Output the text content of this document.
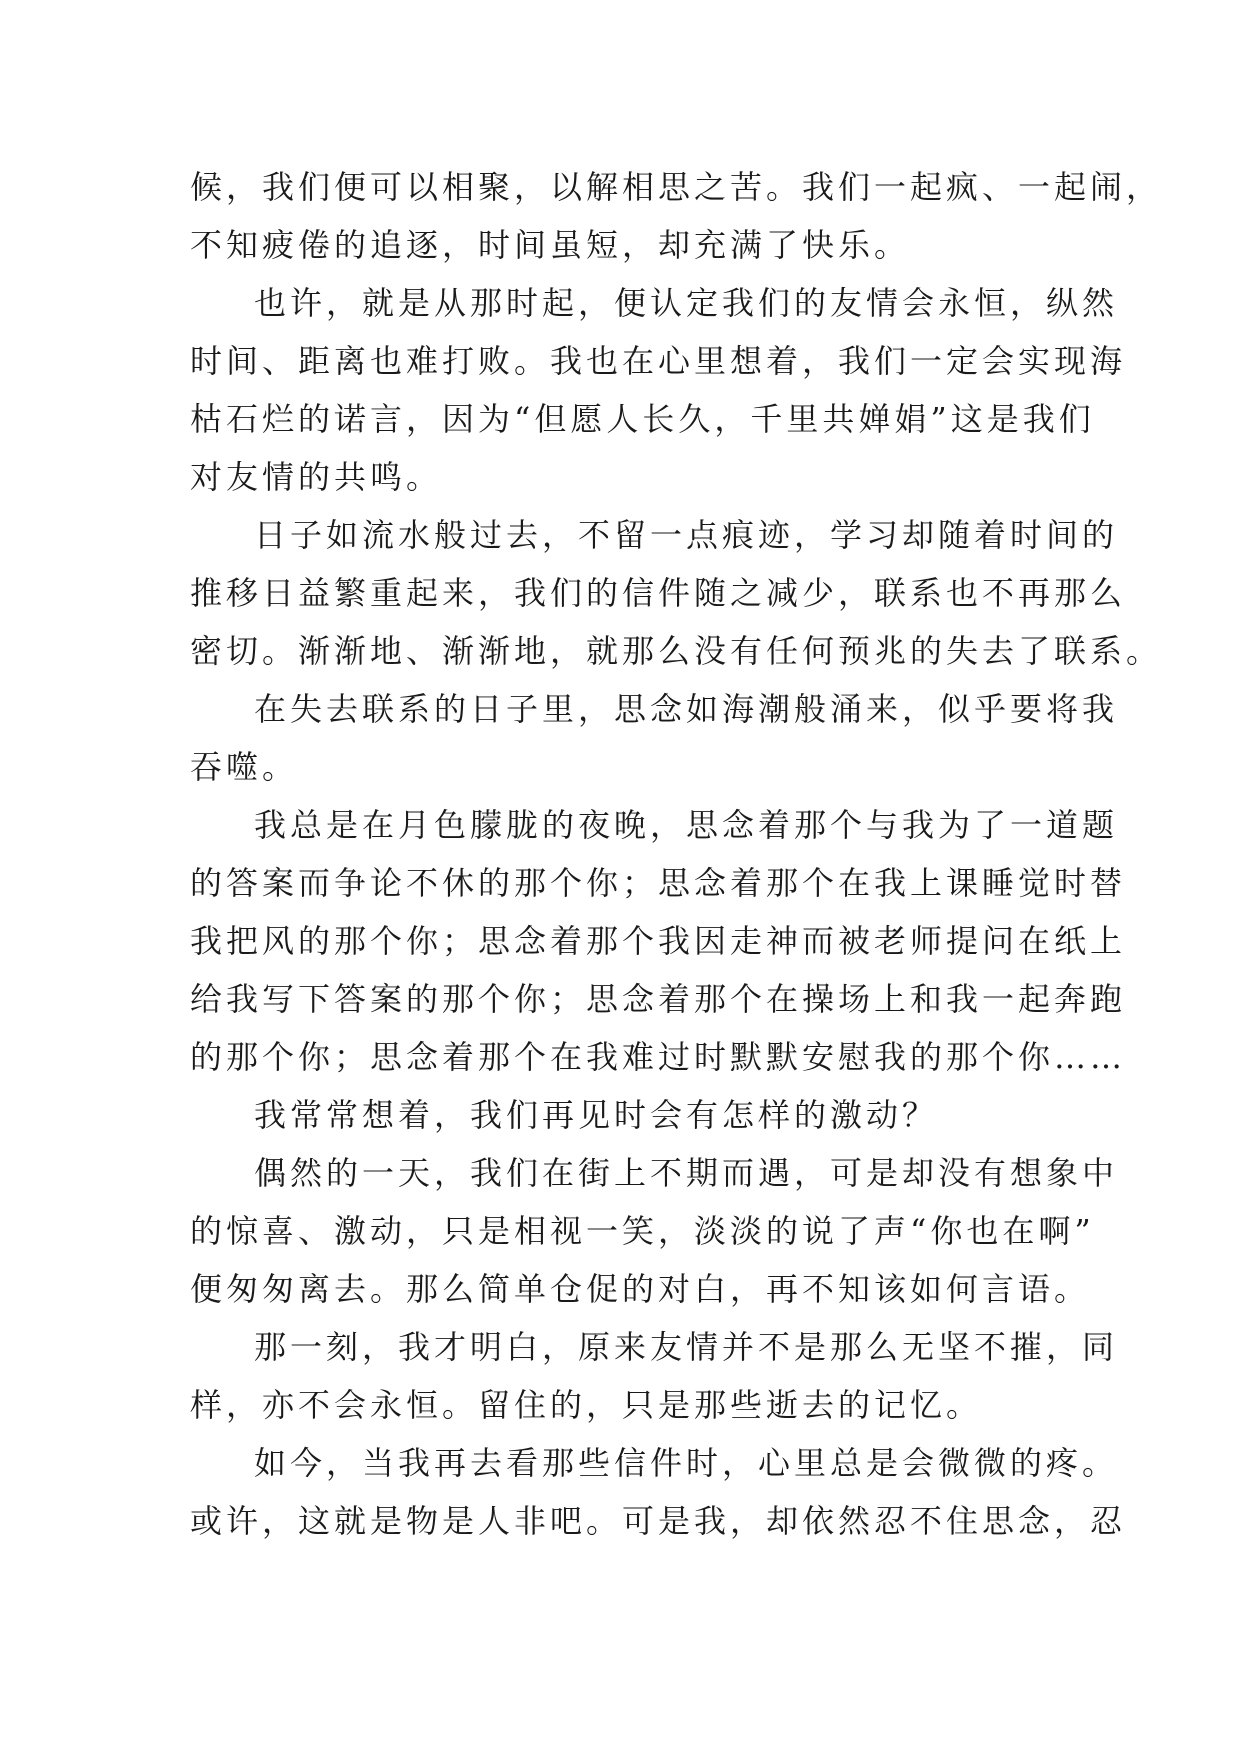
候，我们便可以相聚，以解相思之苦。我们一起疯、一起闹，
不知疲倦的追逐，时间虽短，却充满了快乐。
也许，就是从那时起，便认定我们的友情会永恒，纵然
时间、距离也难打败。我也在心里想着，我们一定会实现海
枯石烂的诺言，因为“但愿人长久，千里共婵娟”这是我们
对友情的共鸣。
日子如流水般过去，不留一点痕迹，学习却随着时间的
推移日益繁重起来，我们的信件随之减少，联系也不再那么
密切。渐渐地、渐渐地，就那么没有任何预兆的失去了联系。
在失去联系的日子里，思念如海潮般涌来，似乎要将我
吞噬。
我总是在月色朦胧的夜晚，思念着那个与我为了一道题
的答案而争论不休的那个你；思念着那个在我上课睡觉时替
我把风的那个你；思念着那个我因走神而被老师提问在纸上
给我写下答案的那个你；思念着那个在操场上和我一起奔跑
的那个你；思念着那个在我难过时默默安慰我的那个你……
我常常想着，我们再见时会有怎样的激动？
偶然的一天，我们在街上不期而遇，可是却没有想象中
的惊喜、激动，只是相视一笑，淡淡的说了声“你也在啊”
便匆匆离去。那么简单仓促的对白，再不知该如何言语。
那一刻，我才明白，原来友情并不是那么无坚不摧，同
样，亦不会永恒。留住的，只是那些逝去的记忆。
如今，当我再去看那些信件时，心里总是会微微的疼。
或许，这就是物是人非吧。可是我，却依然忍不住思念，忍
